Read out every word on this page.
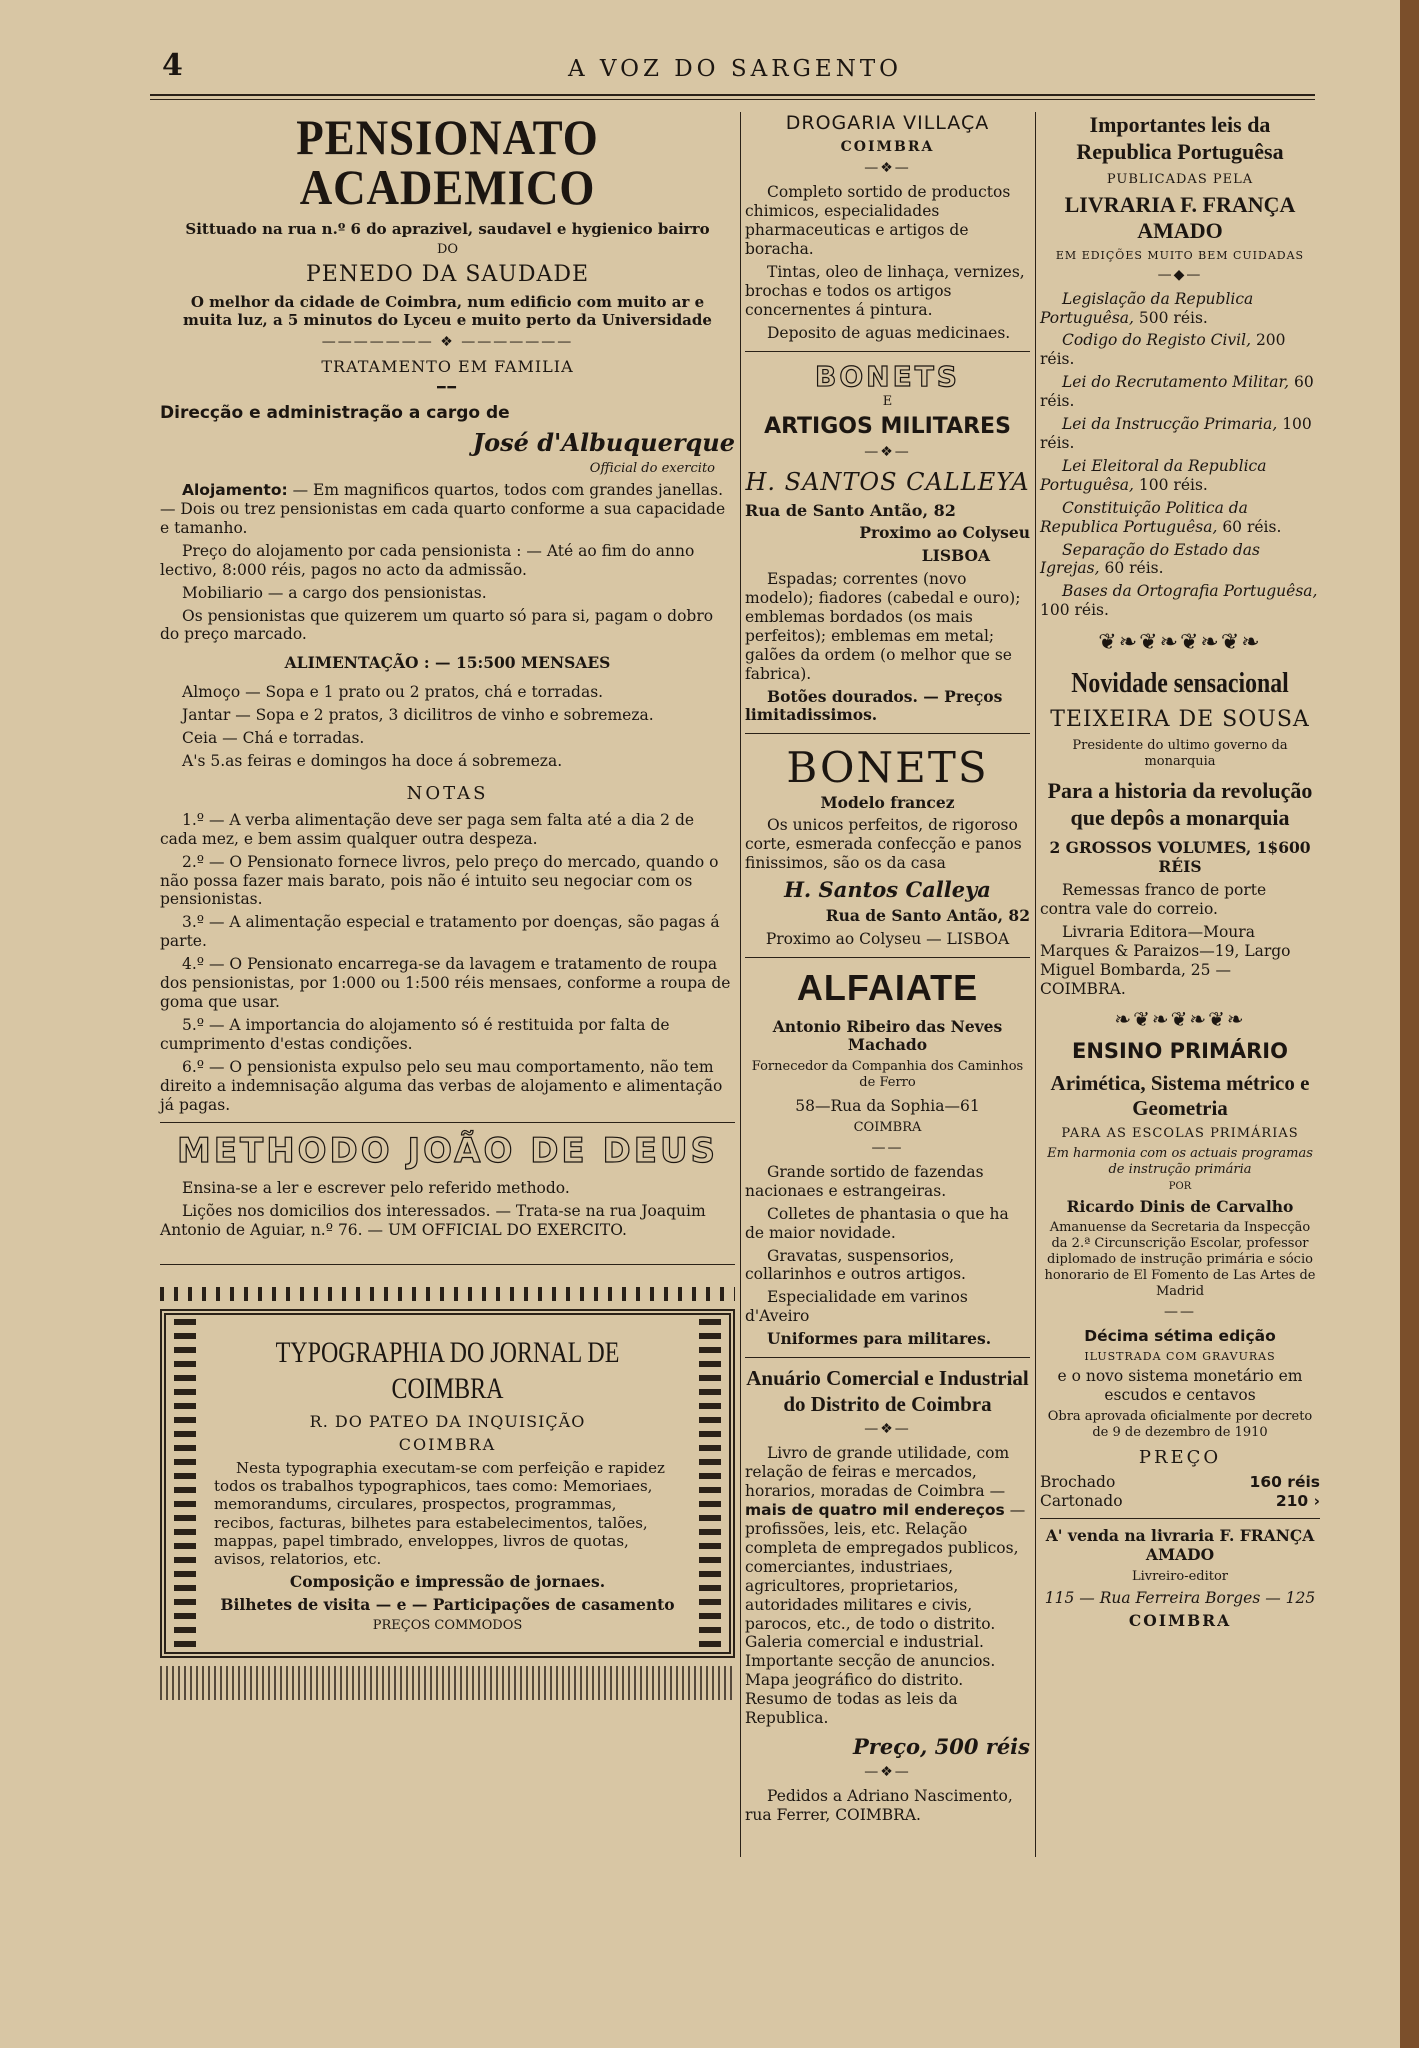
4	A VOZ DO SARGENTO
PENSIONATO ACADEMICO

Sittuado na rua n.º 6 do aprazivel, saudavel e hygienico bairro

DO

PENEDO DA SAUDADE

O melhor da cidade de Coimbra, num edificio com muito ar e muita luz, a 5 minutos do Lyceu e muito perto da Universidade

——————— ❖ ———————

TRATAMENTO EM FAMILIA

━━

Direcção e administração a cargo de

José d'Albuquerque

Official do exercito

Alojamento: — Em magnificos quartos, todos com grandes janellas. — Dois ou trez pensionistas em cada quarto conforme a sua capacidade e tamanho.

Preço do alojamento por cada pensionista : — Até ao fim do anno lectivo, 8:000 réis, pagos no acto da admissão.

Mobiliario — a cargo dos pensionistas.

Os pensionistas que quizerem um quarto só para si, pagam o dobro do preço marcado.

ALIMENTAÇÃO : — 15:500 MENSAES

Almoço — Sopa e 1 prato ou 2 pratos, chá e torradas.

Jantar — Sopa e 2 pratos, 3 dicilitros de vinho e sobremeza.

Ceia — Chá e torradas.

A's 5.as feiras e domingos ha doce á sobremeza.

NOTAS

1.º — A verba alimentação deve ser paga sem falta até a dia 2 de cada mez, e bem assim qualquer outra despeza.

2.º — O Pensionato fornece livros, pelo preço do mercado, quando o não possa fazer mais barato, pois não é intuito seu negociar com os pensionistas.

3.º — A alimentação especial e tratamento por doenças, são pagas á parte.

4.º — O Pensionato encarrega-se da lavagem e tratamento de roupa dos pensionistas, por 1:000 ou 1:500 réis mensaes, conforme a roupa de goma que usar.

5.º — A importancia do alojamento só é restituida por falta de cumprimento d'estas condições.

6.º — O pensionista expulso pelo seu mau comportamento, não tem direito a indemnisação alguma das verbas de alojamento e alimentação já pagas.

METHODO JOÃO DE DEUS

Ensina-se a ler e escrever pelo referido methodo.

Lições nos domicilios dos interessados. — Trata-se na rua Joaquim Antonio de Aguiar, n.º 76. — UM OFFICIAL DO EXERCITO.

TYPOGRAPHIA DO JORNAL DE COIMBRA

R. DO PATEO DA INQUISIÇÃO

COIMBRA

Nesta typographia executam-se com perfeição e rapidez todos os trabalhos typographicos, taes como: Memoriaes, memorandums, circulares, prospectos, programmas, recibos, facturas, bilhetes para estabelecimentos, talões, mappas, papel timbrado, enveloppes, livros de quotas, avisos, relatorios, etc.

Composição e impressão de jornaes.

Bilhetes de visita — e — Participações de casamento

PREÇOS COMMODOS

DROGARIA VILLAÇA

COIMBRA

—❖—

Completo sortido de productos chimicos, especialidades pharmaceuticas e artigos de boracha.

Tintas, oleo de linhaça, vernizes, brochas e todos os artigos concernentes á pintura.

Deposito de aguas medicinaes.

BONETS

E

ARTIGOS MILITARES

—❖—

H. SANTOS CALLEYA

Rua de Santo Antão, 82

Proximo ao Colyseu

LISBOA

Espadas; correntes (novo modelo); fiadores (cabedal e ouro); emblemas bordados (os mais perfeitos); emblemas em metal; galões da ordem (o melhor que se fabrica).

Botões dourados. — Preços limitadissimos.

BONETS

Modelo francez

Os unicos perfeitos, de rigoroso corte, esmerada confecção e panos finissimos, são os da casa

H. Santos Calleya

Rua de Santo Antão, 82

Proximo ao Colyseu — LISBOA

ALFAIATE

Antonio Ribeiro das Neves Machado

Fornecedor da Companhia dos Caminhos de Ferro

58—Rua da Sophia—61

COIMBRA

——

Grande sortido de fazendas nacionaes e estrangeiras.

Colletes de phantasia o que ha de maior novidade.

Gravatas, suspensorios, collarinhos e outros artigos.

Especialidade em varinos d'Aveiro

Uniformes para militares.

Anuário Comercial e Industrial do Distrito de Coimbra

—❖—

Livro de grande utilidade, com relação de feiras e mercados, horarios, moradas de Coimbra — mais de quatro mil endereços — profissões, leis, etc. Relação completa de empregados publicos, comerciantes, industriaes, agricultores, proprietarios, autoridades militares e civis, parocos, etc., de todo o distrito. Galeria comercial e industrial. Importante secção de anuncios. Mapa jeográfico do distrito. Resumo de todas as leis da Republica.

Preço, 500 réis

—❖—

Pedidos a Adriano Nascimento, rua Ferrer, COIMBRA.

Importantes leis da Republica Portuguêsa

PUBLICADAS PELA

LIVRARIA F. FRANÇA AMADO

EM EDIÇÕES MUITO BEM CUIDADAS

—◆—

Legislação da Republica Portuguêsa, 500 réis.

Codigo do Registo Civil, 200 réis.

Lei do Recrutamento Militar, 60 réis.

Lei da Instrucção Primaria, 100 réis.

Lei Eleitoral da Republica Portuguêsa, 100 réis.

Constituição Politica da Republica Portuguêsa, 60 réis.

Separação do Estado das Igrejas, 60 réis.

Bases da Ortografia Portuguêsa, 100 réis.

❦❧❦❧❦❧❦❧

Novidade sensacional

TEIXEIRA DE SOUSA

Presidente do ultimo governo da monarquia

Para a historia da revolução que depôs a monarquia

2 GROSSOS VOLUMES, 1$600 RÉIS

Remessas franco de porte contra vale do correio.

Livraria Editora—Moura Marques & Paraizos—19, Largo Miguel Bombarda, 25 — COIMBRA.

❧❦❧❦❧❦❧

ENSINO PRIMÁRIO

Arimética, Sistema métrico e Geometria

PARA AS ESCOLAS PRIMÁRIAS

Em harmonia com os actuais programas de instrução primária

POR

Ricardo Dinis de Carvalho

Amanuense da Secretaria da Inspecção da 2.ª Circunscrição Escolar, professor diplomado de instrução primária e sócio honorario de El Fomento de Las Artes de Madrid

——

Décima sétima edição

ILUSTRADA COM GRAVURAS

e o novo sistema monetário em escudos e centavos

Obra aprovada oficialmente por decreto de 9 de dezembro de 1910

PREÇO

Brochado	160 réis
Cartonado	210 ›

A' venda na livraria F. FRANÇA AMADO

Livreiro-editor

115 — Rua Ferreira Borges — 125

COIMBRA
